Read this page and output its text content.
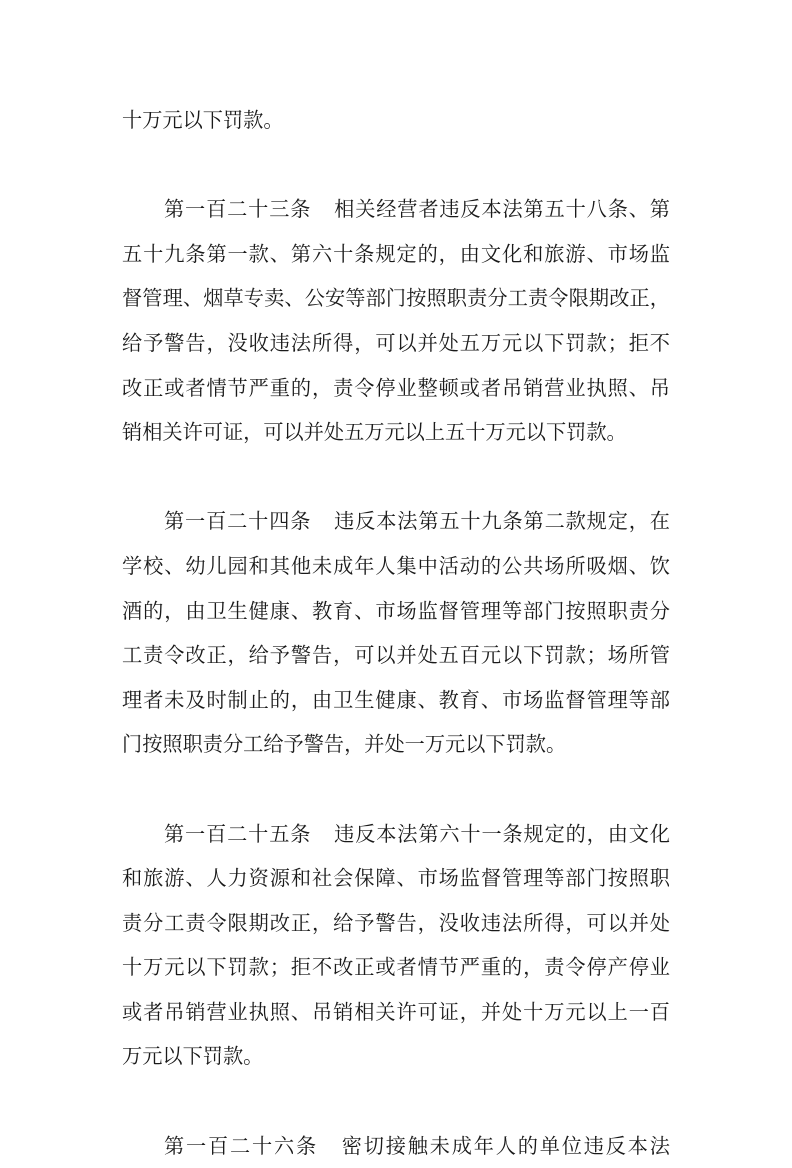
十万元以下罚款。
第一百二十三条 相关经营者违反本法第五十八条、第
五十九条第一款、第六十条规定的，由文化和旅游、市场监
督管理、烟草专卖、公安等部门按照职责分工责令限期改正，
给予警告，没收违法所得，可以并处五万元以下罚款；拒不
改正或者情节严重的，责令停业整顿或者吊销营业执照、吊
销相关许可证，可以并处五万元以上五十万元以下罚款。
第一百二十四条 违反本法第五十九条第二款规定，在
学校、幼儿园和其他未成年人集中活动的公共场所吸烟、饮
酒的，由卫生健康、教育、市场监督管理等部门按照职责分
工责令改正，给予警告，可以并处五百元以下罚款；场所管
理者未及时制止的，由卫生健康、教育、市场监督管理等部
门按照职责分工给予警告，并处一万元以下罚款。
第一百二十五条 违反本法第六十一条规定的，由文化
和旅游、人力资源和社会保障、市场监督管理等部门按照职
责分工责令限期改正，给予警告，没收违法所得，可以并处
十万元以下罚款；拒不改正或者情节严重的，责令停产停业
或者吊销营业执照、吊销相关许可证，并处十万元以上一百
万元以下罚款。
第一百二十六条 密切接触未成年人的单位违反本法
